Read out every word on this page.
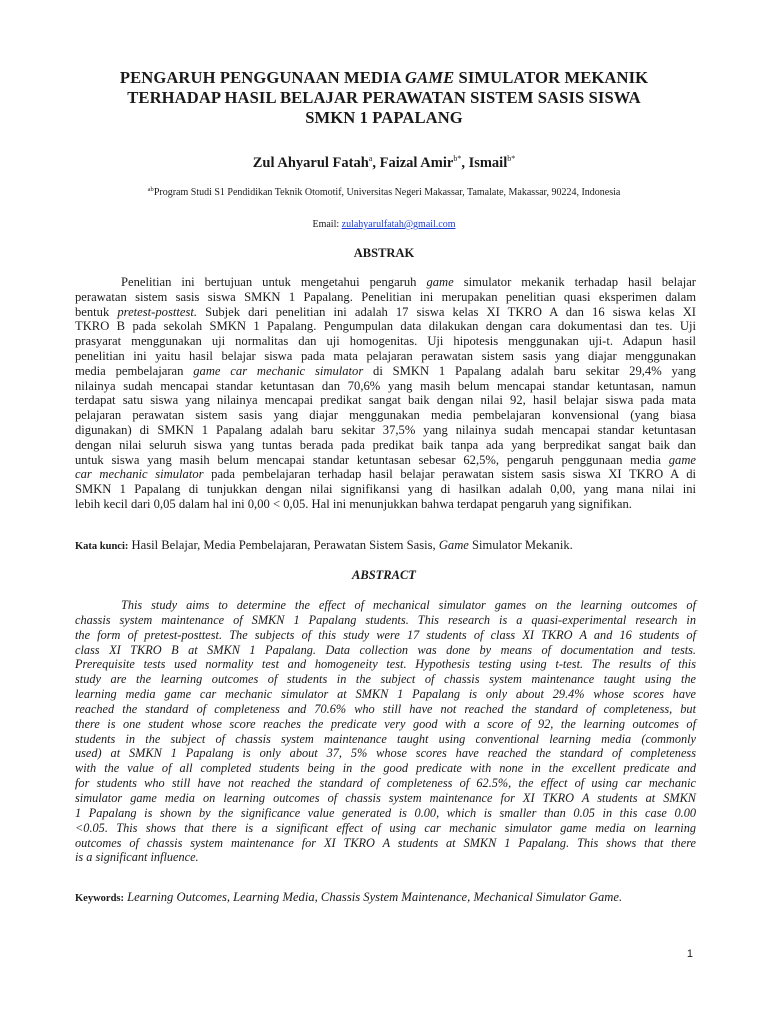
PENGARUH PENGGUNAAN MEDIA GAME SIMULATOR MEKANIK
TERHADAP HASIL BELAJAR PERAWATAN SISTEM SASIS SISWA
SMKN 1 PAPALANG
Zul Ahyarul Fatah$^a$, Faizal Amir$^{b*}$, Ismail$^{b*}$
$^{ab}$Program Studi S1 Pendidikan Teknik Otomotif, Universitas Negeri Makassar, Tamalate, Makassar, 90224, Indonesia
Email: zulahyarulfatah@gmail.com
ABSTRAK
Penelitian ini bertujuan untuk mengetahui pengaruh game simulator mekanik terhadap hasil belajar
perawatan sistem sasis siswa SMKN 1 Papalang. Penelitian ini merupakan penelitian quasi eksperimen dalam
bentuk pretest-posttest. Subjek dari penelitian ini adalah 17 siswa kelas XI TKRO A dan 16 siswa kelas XI
TKRO B pada sekolah SMKN 1 Papalang. Pengumpulan data dilakukan dengan cara dokumentasi dan tes. Uji
prasyarat menggunakan uji normalitas dan uji homogenitas. Uji hipotesis menggunakan uji-t. Adapun hasil
penelitian ini yaitu hasil belajar siswa pada mata pelajaran perawatan sistem sasis yang diajar menggunakan
media pembelajaran game car mechanic simulator di SMKN 1 Papalang adalah baru sekitar 29,4% yang
nilainya sudah mencapai standar ketuntasan dan 70,6% yang masih belum mencapai standar ketuntasan, namun
terdapat satu siswa yang nilainya mencapai predikat sangat baik dengan nilai 92, hasil belajar siswa pada mata
pelajaran perawatan sistem sasis yang diajar menggunakan media pembelajaran konvensional (yang biasa
digunakan) di SMKN 1 Papalang adalah baru sekitar 37,5% yang nilainya sudah mencapai standar ketuntasan
dengan nilai seluruh siswa yang tuntas berada pada predikat baik tanpa ada yang berpredikat sangat baik dan
untuk siswa yang masih belum mencapai standar ketuntasan sebesar 62,5%, pengaruh penggunaan media game
car mechanic simulator pada pembelajaran terhadap hasil belajar perawatan sistem sasis siswa XI TKRO A di
SMKN 1 Papalang di tunjukkan dengan nilai signifikansi yang di hasilkan adalah 0,00, yang mana nilai ini
lebih kecil dari 0,05 dalam hal ini 0,00 < 0,05. Hal ini menunjukkan bahwa terdapat pengaruh yang signifikan.
Kata kunci: Hasil Belajar, Media Pembelajaran, Perawatan Sistem Sasis, Game Simulator Mekanik.
ABSTRACT
This study aims to determine the effect of mechanical simulator games on the learning outcomes of
chassis system maintenance of SMKN 1 Papalang students. This research is a quasi-experimental research in
the form of pretest-posttest. The subjects of this study were 17 students of class XI TKRO A and 16 students of
class XI TKRO B at SMKN 1 Papalang. Data collection was done by means of documentation and tests.
Prerequisite tests used normality test and homogeneity test. Hypothesis testing using t-test. The results of this
study are the learning outcomes of students in the subject of chassis system maintenance taught using the
learning media game car mechanic simulator at SMKN 1 Papalang is only about 29.4% whose scores have
reached the standard of completeness and 70.6% who still have not reached the standard of completeness, but
there is one student whose score reaches the predicate very good with a score of 92, the learning outcomes of
students in the subject of chassis system maintenance taught using conventional learning media (commonly
used) at SMKN 1 Papalang is only about 37, 5% whose scores have reached the standard of completeness
with the value of all completed students being in the good predicate with none in the excellent predicate and
for students who still have not reached the standard of completeness of 62.5%, the effect of using car mechanic
simulator game media on learning outcomes of chassis system maintenance for XI TKRO A students at SMKN
1 Papalang is shown by the significance value generated is 0.00, which is smaller than 0.05 in this case 0.00
<0.05. This shows that there is a significant effect of using car mechanic simulator game media on learning
outcomes of chassis system maintenance for XI TKRO A students at SMKN 1 Papalang. This shows that there
is a significant influence.
Keywords: Learning Outcomes, Learning Media, Chassis System Maintenance, Mechanical Simulator Game.
1
